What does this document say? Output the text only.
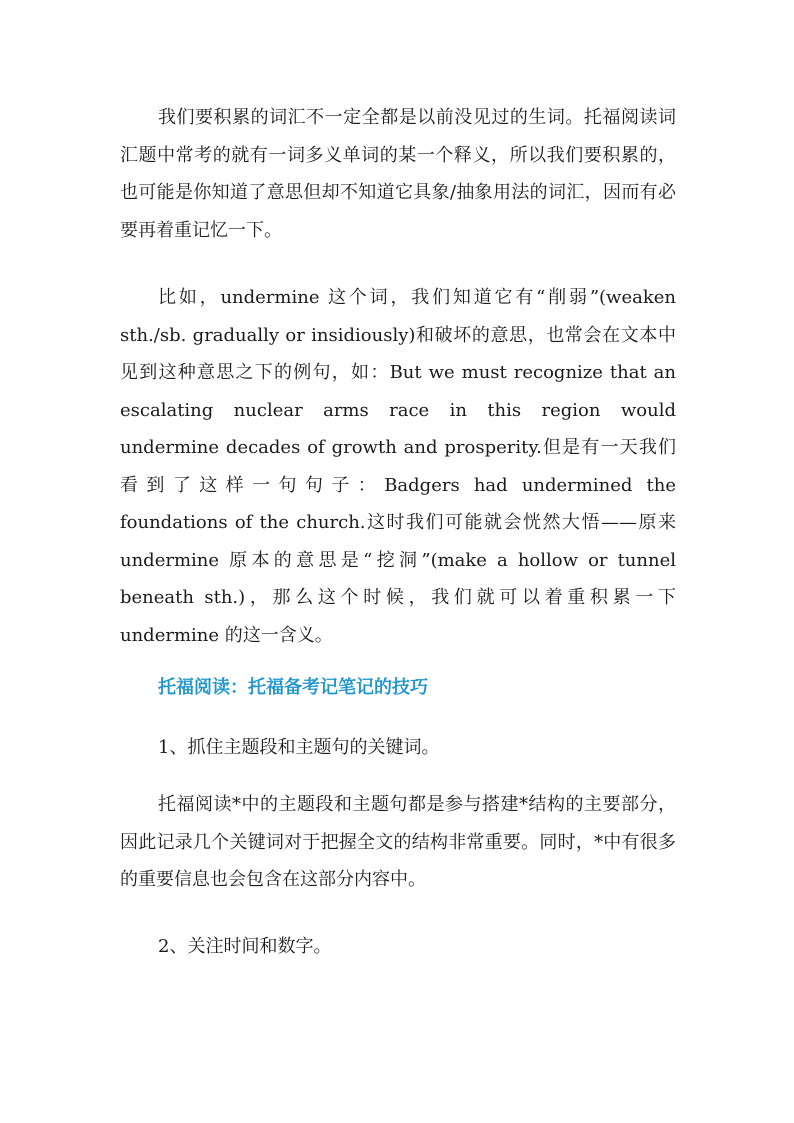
我们要积累的词汇不一定全都是以前没见过的生词。托福阅读词汇题中常考的就有一词多义单词的某一个释义，所以我们要积累的，也可能是你知道了意思但却不知道它具象/抽象用法的词汇，因而有必要再着重记忆一下。

比如，undermine 这个词，我们知道它有“削弱”(weaken sth./sb. gradually or insidiously)和破坏的意思，也常会在文本中见到这种意思之下的例句，如：But we must recognize that an escalating nuclear arms race in this region would undermine decades of growth and prosperity.但是有一天我们看到了这样一句句子：Badgers had undermined the foundations of the church.这时我们可能就会恍然大悟——原来 undermine 原本的意思是“挖洞”(make a hollow or tunnel beneath sth.)，那么这个时候，我们就可以着重积累一下 undermine 的这一含义。

托福阅读：托福备考记笔记的技巧

1、抓住主题段和主题句的关键词。

托福阅读*中的主题段和主题句都是参与搭建*结构的主要部分，因此记录几个关键词对于把握全文的结构非常重要。同时，*中有很多的重要信息也会包含在这部分内容中。

2、关注时间和数字。
